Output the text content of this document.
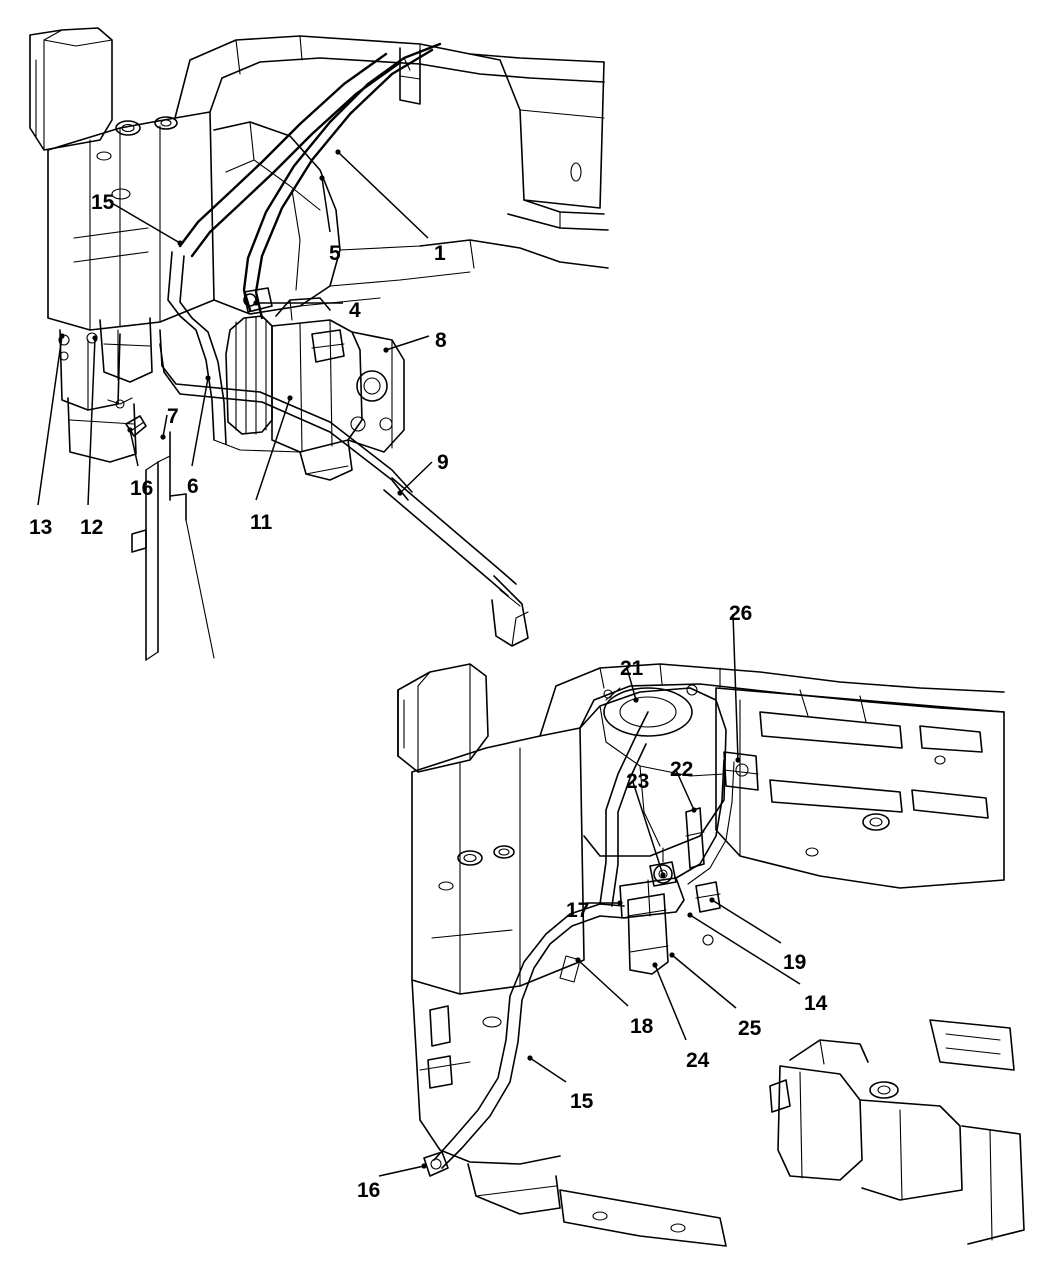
1
5
4
8
15
7
6
16
11
13 12
9
26
21
22
23
17
19
14
25
24
18
15
16
